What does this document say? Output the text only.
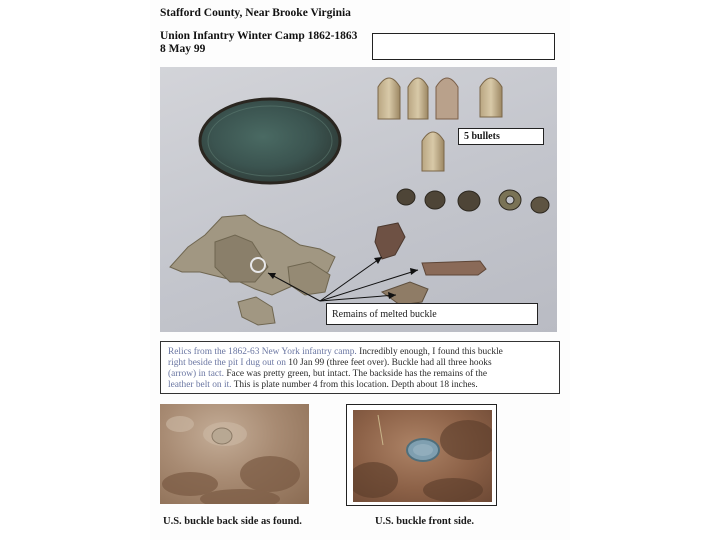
Stafford County, Near Brooke Virginia
Union Infantry Winter Camp 1862-1863
8 May 99
5 bullets
Remains of melted buckle
Relics from the 1862-63 New York infantry camp. Incredibly enough, I found this buckle
right beside the pit I dug out on 10 Jan 99 (three feet over). Buckle had all three hooks
(arrow) in tact. Face was pretty green, but intact. The backside has the remains of the
leather belt on it. This is plate number 4 from this location. Depth about 18 inches.
U.S. buckle back side as found.	U.S. buckle front side.
